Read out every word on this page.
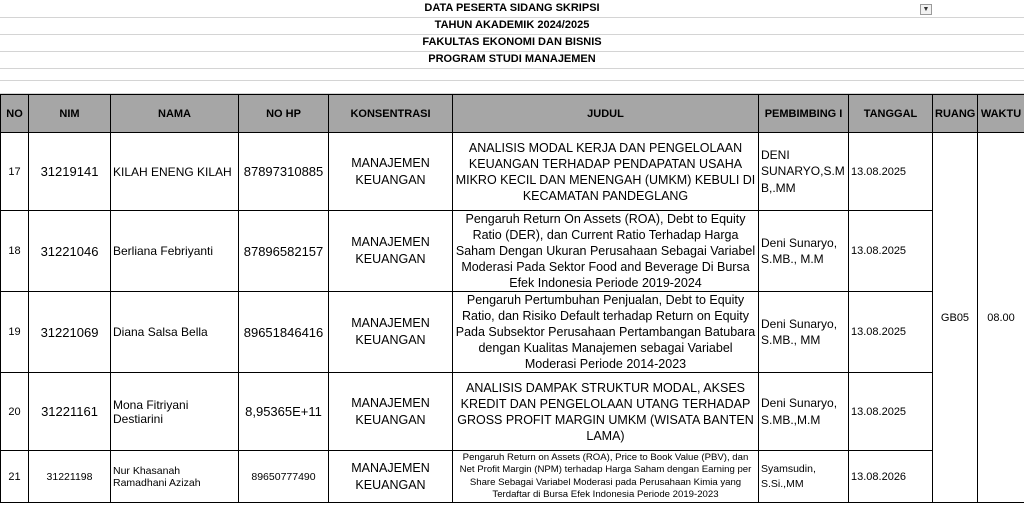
DATA PESERTA SIDANG SKRIPSI
TAHUN AKADEMIK 2024/2025
FAKULTAS EKONOMI DAN BISNIS
PROGRAM STUDI MANAJEMEN
▼
NO	NIM	NAMA	NO HP	KONSENTRASI	JUDUL	PEMBIMBING I	TANGGAL	RUANG	WAKTU
17	31219141	KILAH ENENG KILAH	87897310885	MANAJEMEN KEUANGAN	ANALISIS MODAL KERJA DAN PENGELOLAAN KEUANGAN TERHADAP PENDAPATAN USAHA MIKRO KECIL DAN MENENGAH (UMKM) KEBULI DI KECAMATAN PANDEGLANG	DENI SUNARYO,S.M B,.MM	13.08.2025	GB05	08.00
18	31221046	Berliana Febriyanti	87896582157	MANAJEMEN KEUANGAN	Pengaruh Return On Assets (ROA), Debt to Equity Ratio (DER), dan Current Ratio Terhadap Harga Saham Dengan Ukuran Perusahaan Sebagai Variabel Moderasi Pada Sektor Food and Beverage Di Bursa Efek Indonesia Periode 2019-2024	Deni Sunaryo, S.MB., M.M	13.08.2025		
19	31221069	Diana Salsa Bella	89651846416	MANAJEMEN KEUANGAN	Pengaruh Pertumbuhan Penjualan, Debt to Equity Ratio, dan Risiko Default terhadap Return on Equity Pada Subsektor Perusahaan Pertambangan Batubara dengan Kualitas Manajemen sebagai Variabel Moderasi Periode 2014-2023	Deni Sunaryo, S.MB., MM	13.08.2025		
20	31221161	Mona Fitriyani Destiarini	8,95365E+11	MANAJEMEN KEUANGAN	ANALISIS DAMPAK STRUKTUR MODAL, AKSES KREDIT DAN PENGELOLAAN UTANG TERHADAP GROSS PROFIT MARGIN UMKM (WISATA BANTEN LAMA)	Deni Sunaryo, S.MB.,M.M	13.08.2025		
21	31221198	Nur Khasanah Ramadhani Azizah	89650777490	MANAJEMEN KEUANGAN	Pengaruh Return on Assets (ROA), Price to Book Value (PBV), dan Net Profit Margin (NPM) terhadap Harga Saham dengan Earning per Share Sebagai Variabel Moderasi pada Perusahaan Kimia yang Terdaftar di Bursa Efek Indonesia Periode 2019-2023	Syamsudin, S.Si.,MM	13.08.2026		
